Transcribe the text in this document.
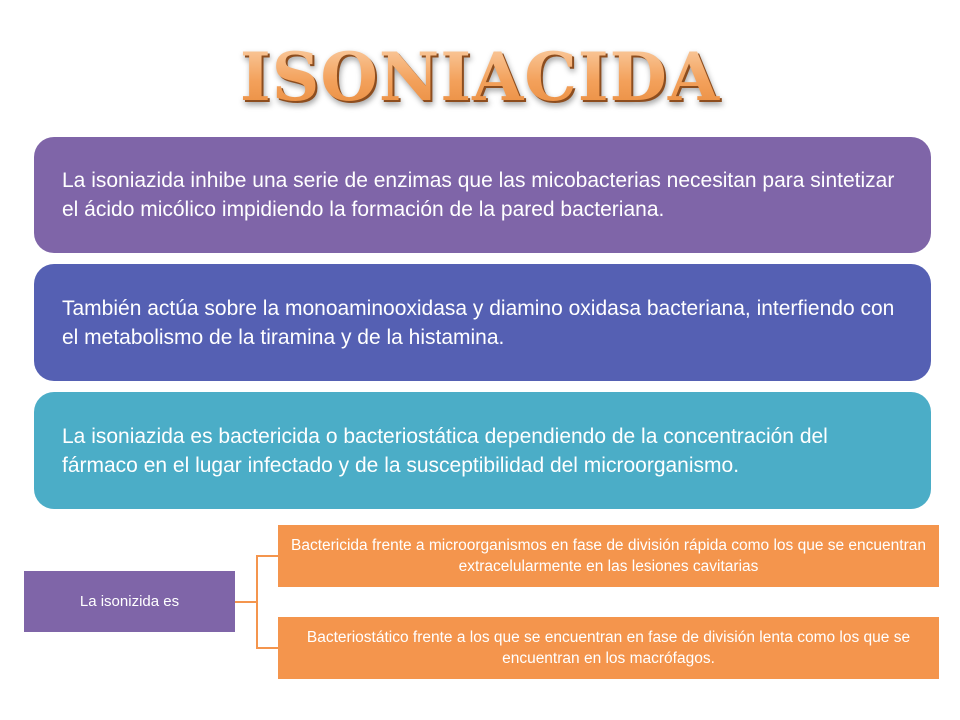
ISONIACIDA
La isoniazida inhibe una serie de enzimas que las micobacterias necesitan para sintetizar el ácido micólico impidiendo la formación de la pared bacteriana.
También actúa sobre la monoaminooxidasa y diamino oxidasa bacteriana, interfiendo con el metabolismo de la tiramina y de la histamina.
La isoniazida es bactericida o bacteriostática dependiendo de la concentración del fármaco en el lugar infectado y de la susceptibilidad del microorganismo.
La isonizida es
Bactericida frente a microorganismos en fase de división rápida como los que se encuentran extracelularmente en las lesiones cavitarias
Bacteriostático frente a los que se encuentran en fase de división lenta como los que se encuentran en los macrófagos.
